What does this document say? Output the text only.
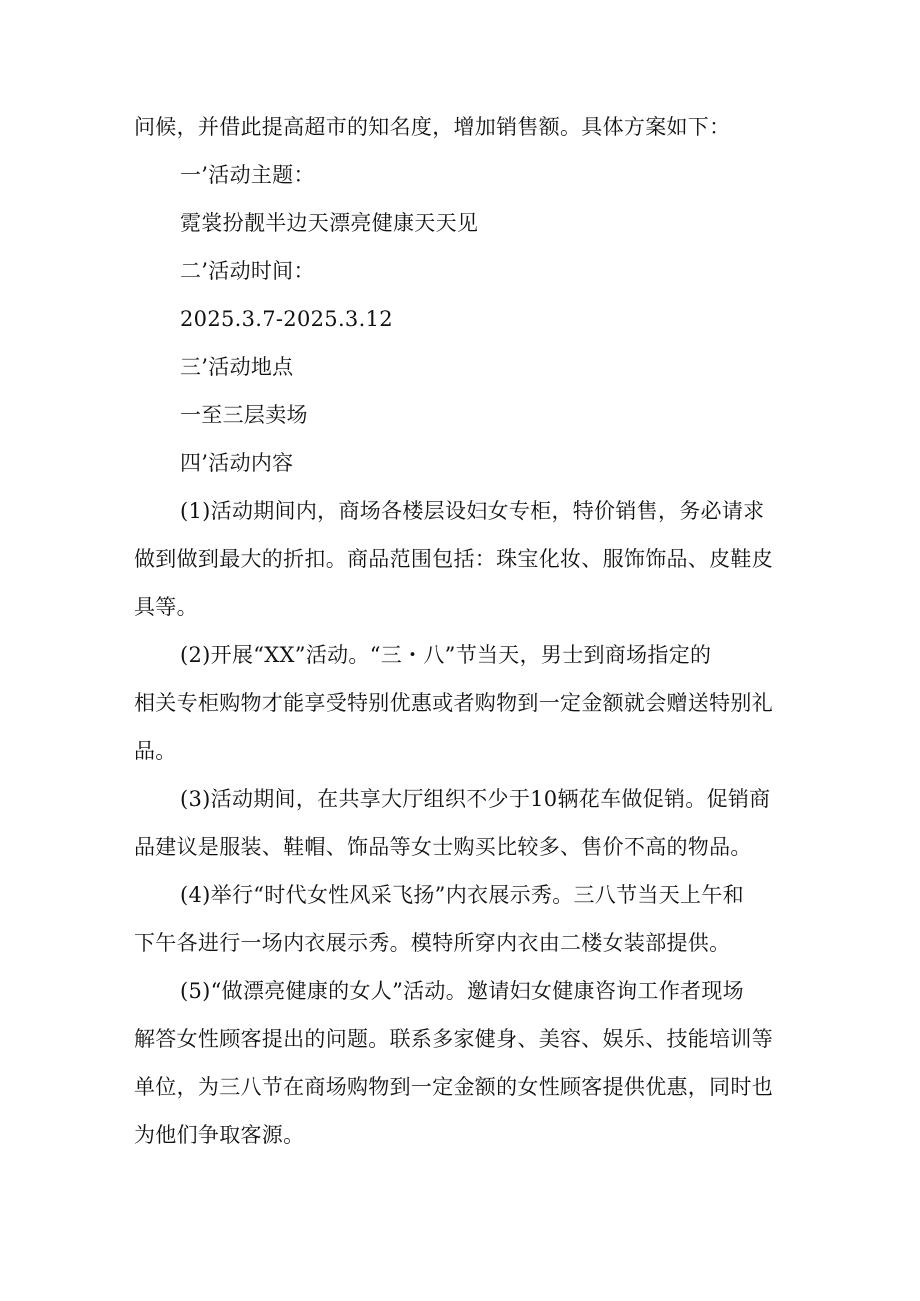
问候，并借此提高超市的知名度，增加销售额。具体方案如下：
一’活动主题：
霓裳扮靓半边天漂亮健康天天见
二’活动时间：
2025.3.7-2025.3.12
三’活动地点
一至三层卖场
四’活动内容
(1)活动期间内，商场各楼层设妇女专柜，特价销售，务必请求
做到做到最大的折扣。商品范围包括：珠宝化妆、服饰饰品、皮鞋皮
具等。
(2)开展“XX”活动。“三・八”节当天，男士到商场指定的
相关专柜购物才能享受特别优惠或者购物到一定金额就会赠送特别礼
品。
(3)活动期间，在共享大厅组织不少于10辆花车做促销。促销商
品建议是服装、鞋帽、饰品等女士购买比较多、售价不高的物品。
(4)举行“时代女性风采飞扬”内衣展示秀。三八节当天上午和
下午各进行一场内衣展示秀。模特所穿内衣由二楼女装部提供。
(5)“做漂亮健康的女人”活动。邀请妇女健康咨询工作者现场
解答女性顾客提出的问题。联系多家健身、美容、娱乐、技能培训等
单位，为三八节在商场购物到一定金额的女性顾客提供优惠，同时也
为他们争取客源。
